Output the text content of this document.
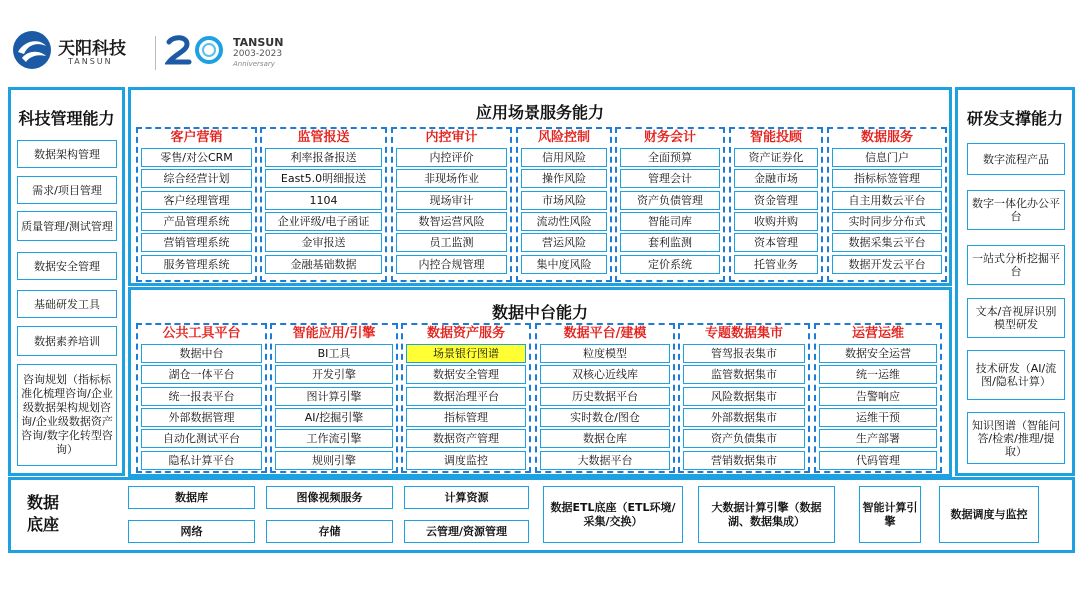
天阳科技
TANSUN
TANSUN
2003-2023
Anniversary
科技管理能力
数据架构管理
需求/项目管理
质量管理/测试管理
数据安全管理
基础研发工具
数据素养培训
咨询规划（指标标准化梳理咨询/企业级数据架构规划咨询/企业级数据资产咨询/数字化转型咨询）
应用场景服务能力
客户营销
零售/对公CRM
综合经营计划
客户经理管理
产品管理系统
营销管理系统
服务管理系统
监管报送
利率报备报送
East5.0明细报送
1104
企业评级/电子函证
金审报送
金融基础数据
内控审计
内控评价
非现场作业
现场审计
数智运营风险
员工监测
内控合规管理
风险控制
信用风险
操作风险
市场风险
流动性风险
营运风险
集中度风险
财务会计
全面预算
管理会计
资产负债管理
智能司库
套利监测
定价系统
智能投顾
资产证券化
金融市场
资金管理
收购并购
资本管理
托管业务
数据服务
信息门户
指标标签管理
自主用数云平台
实时同步分布式
数据采集云平台
数据开发云平台
数据中台能力
公共工具平台
数据中台
湖仓一体平台
统一报表平台
外部数据管理
自动化测试平台
隐私计算平台
智能应用/引擎
BI工具
开发引擎
图计算引擎
AI/挖掘引擎
工作流引擎
规则引擎
数据资产服务
场景银行图谱
数据安全管理
数据治理平台
指标管理
数据资产管理
调度监控
数据平台/建模
粒度模型
双核心近线库
历史数据平台
实时数仓/图仓
数据仓库
大数据平台
专题数据集市
管驾报表集市
监管数据集市
风险数据集市
外部数据集市
资产负债集市
营销数据集市
运营运维
数据安全运营
统一运维
告警响应
运维干预
生产部署
代码管理
研发支撑能力
数字流程产品
数字一体化办公平台
一站式分析挖掘平台
文本/音视屏识别模型研发
技术研发（AI/流图/隐私计算）
知识图谱（智能问答/检索/推理/提取）
数据底座
数据库	图像视频服务	计算资源
网络	存储	云管理/资源管理
数据ETL底座（ETL环境/采集/交换）
大数据计算引擎（数据湖、数据集成）
智能计算引擎
数据调度与监控
